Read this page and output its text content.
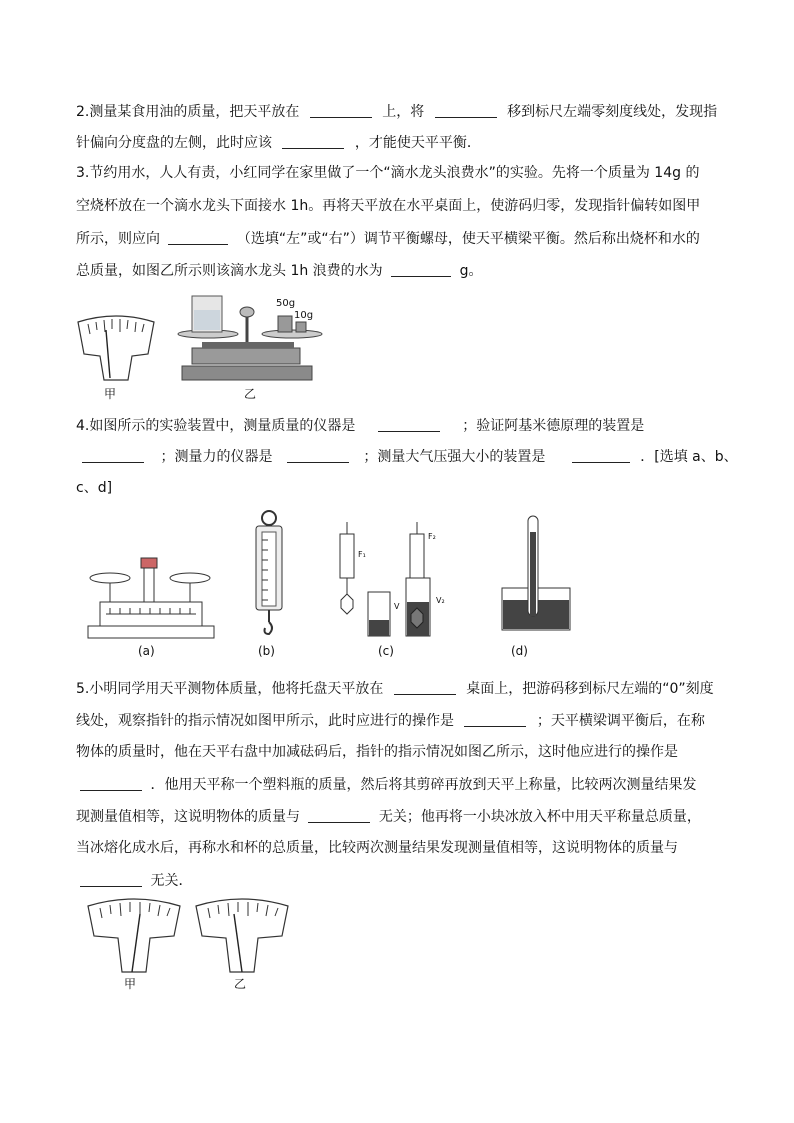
2.测量某食用油的质量，把天平放在	上，将	移到标尺左端零刻度线处，发现指
针偏向分度盘的左侧，此时应该	，才能使天平平衡．
3.节约用水，人人有责，小红同学在家里做了一个“滴水龙头浪费水”的实验。先将一个质量为 14g 的
空烧杯放在一个滴水龙头下面接水 1h。再将天平放在水平桌面上，使游码归零，发现指针偏转如图甲
所示，则应向	（选填“左”或“右”）调节平衡螺母，使天平横梁平衡。然后称出烧杯和水的
总质量，如图乙所示则该滴水龙头 1h 浪费的水为	g。
甲
50g
10g
乙
4.如图所示的实验装置中，测量质量的仪器是	；验证阿基米德原理的装置是
；测量力的仪器是	；测量大气压强大小的装置是	．[选填 a、b、
c、d]
(a)	(b)
F₁
F₂
V
V₂
(c)	(d)
5.小明同学用天平测物体质量，他将托盘天平放在	桌面上，把游码移到标尺左端的“0”刻度
线处，观察指针的指示情况如图甲所示，此时应进行的操作是	；天平横梁调平衡后，在称
物体的质量时，他在天平右盘中加减砝码后，指针的指示情况如图乙所示，这时他应进行的操作是
．他用天平称一个塑料瓶的质量，然后将其剪碎再放到天平上称量，比较两次测量结果发
现测量值相等，这说明物体的质量与	无关；他再将一小块冰放入杯中用天平称量总质量，
当冰熔化成水后，再称水和杯的总质量，比较两次测量结果发现测量值相等，这说明物体的质量与
无关．
甲	乙
